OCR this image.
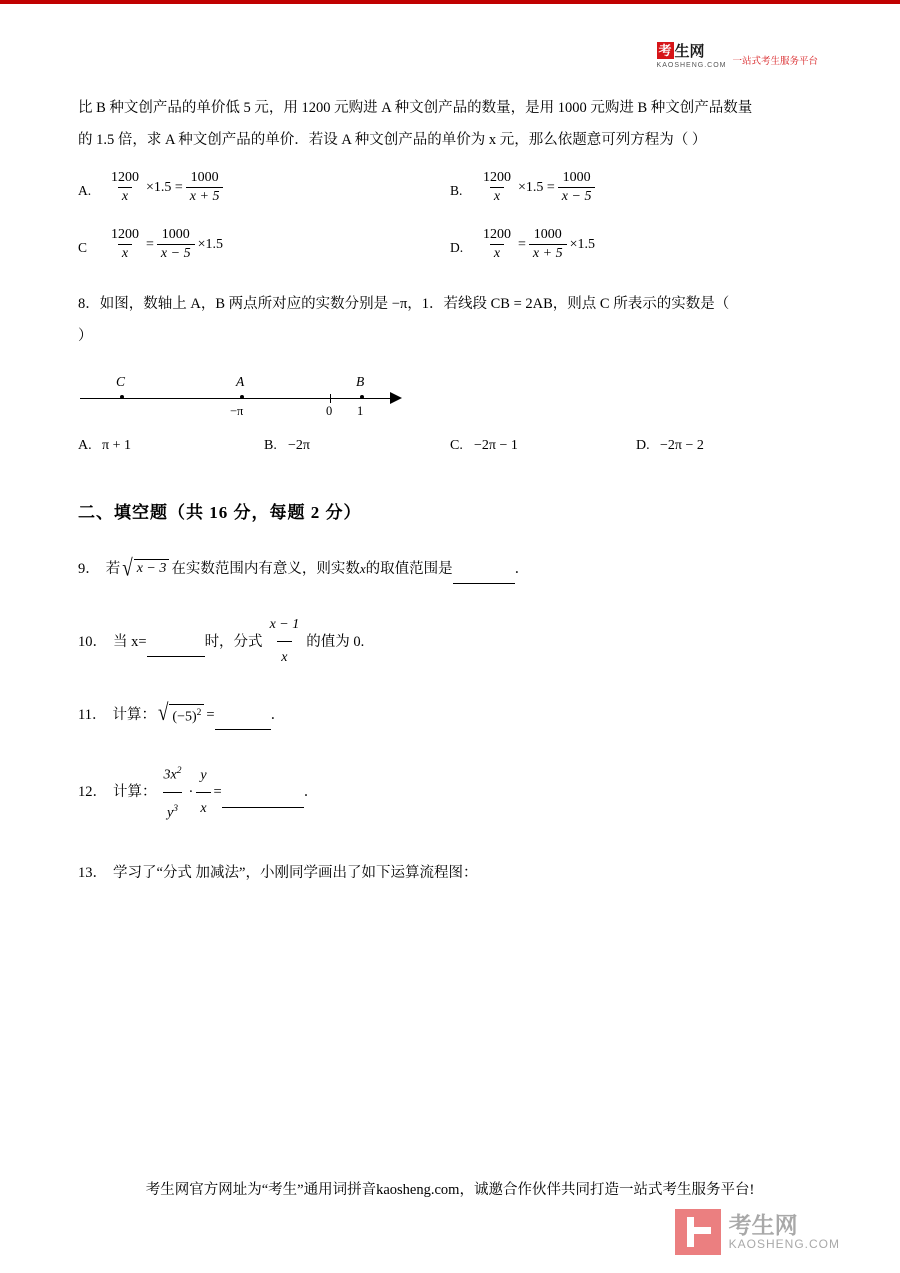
考 生网
KAOSHENG.COM 一站式考生服务平台
比 B 种文创产品的单价低 5 元，用 1200 元购进 A 种文创产品的数量，是用 1000 元购进 B 种文创产品数量
的 1.5 倍，求 A 种文创产品的单价．若设 A 种文创产品的单价为 x 元，那么依题意可列方程为（ ）
A.	$\frac{1200}{x} \times 1.5 = \frac{1000}{x + 5}$	B.	$\frac{1200}{x} \times 1.5 = \frac{1000}{x - 5}$
C	$\frac{1200}{x} = \frac{1000}{x - 5} \times 1.5$	D.	$\frac{1200}{x} = \frac{1000}{x + 5} \times 1.5$
8．如图，数轴上 A，B 两点所对应的实数分别是 −π，1．若线段 CB = 2AB，则点 C 所表示的实数是（
）
C	A
−π	0
B
1
A. π + 1	B. −2π	C. −2π − 1	D. −2π − 2
二、填空题（共 16 分，每题 2 分）
9． 若 √ x − 3 在实数范围内有意义，则实数 x 的取值范围是
	．
10． 当 x=
	时，分式 $\frac{x - 1}{x}$ 的值为 0.
11． 计算： √ $(-5)^2$ =
	．
12． 计算： $\frac{3x^2}{y^3} \cdot \frac{y}{x}$ =
	．
13． 学习了“分式 加减法”，小刚同学画出了如下运算流程图：
考生网官方网址为“考生”通用词拼音kaosheng.com，诚邀合作伙伴共同打造一站式考生服务平台!
考生网
KAOSHENG.COM
